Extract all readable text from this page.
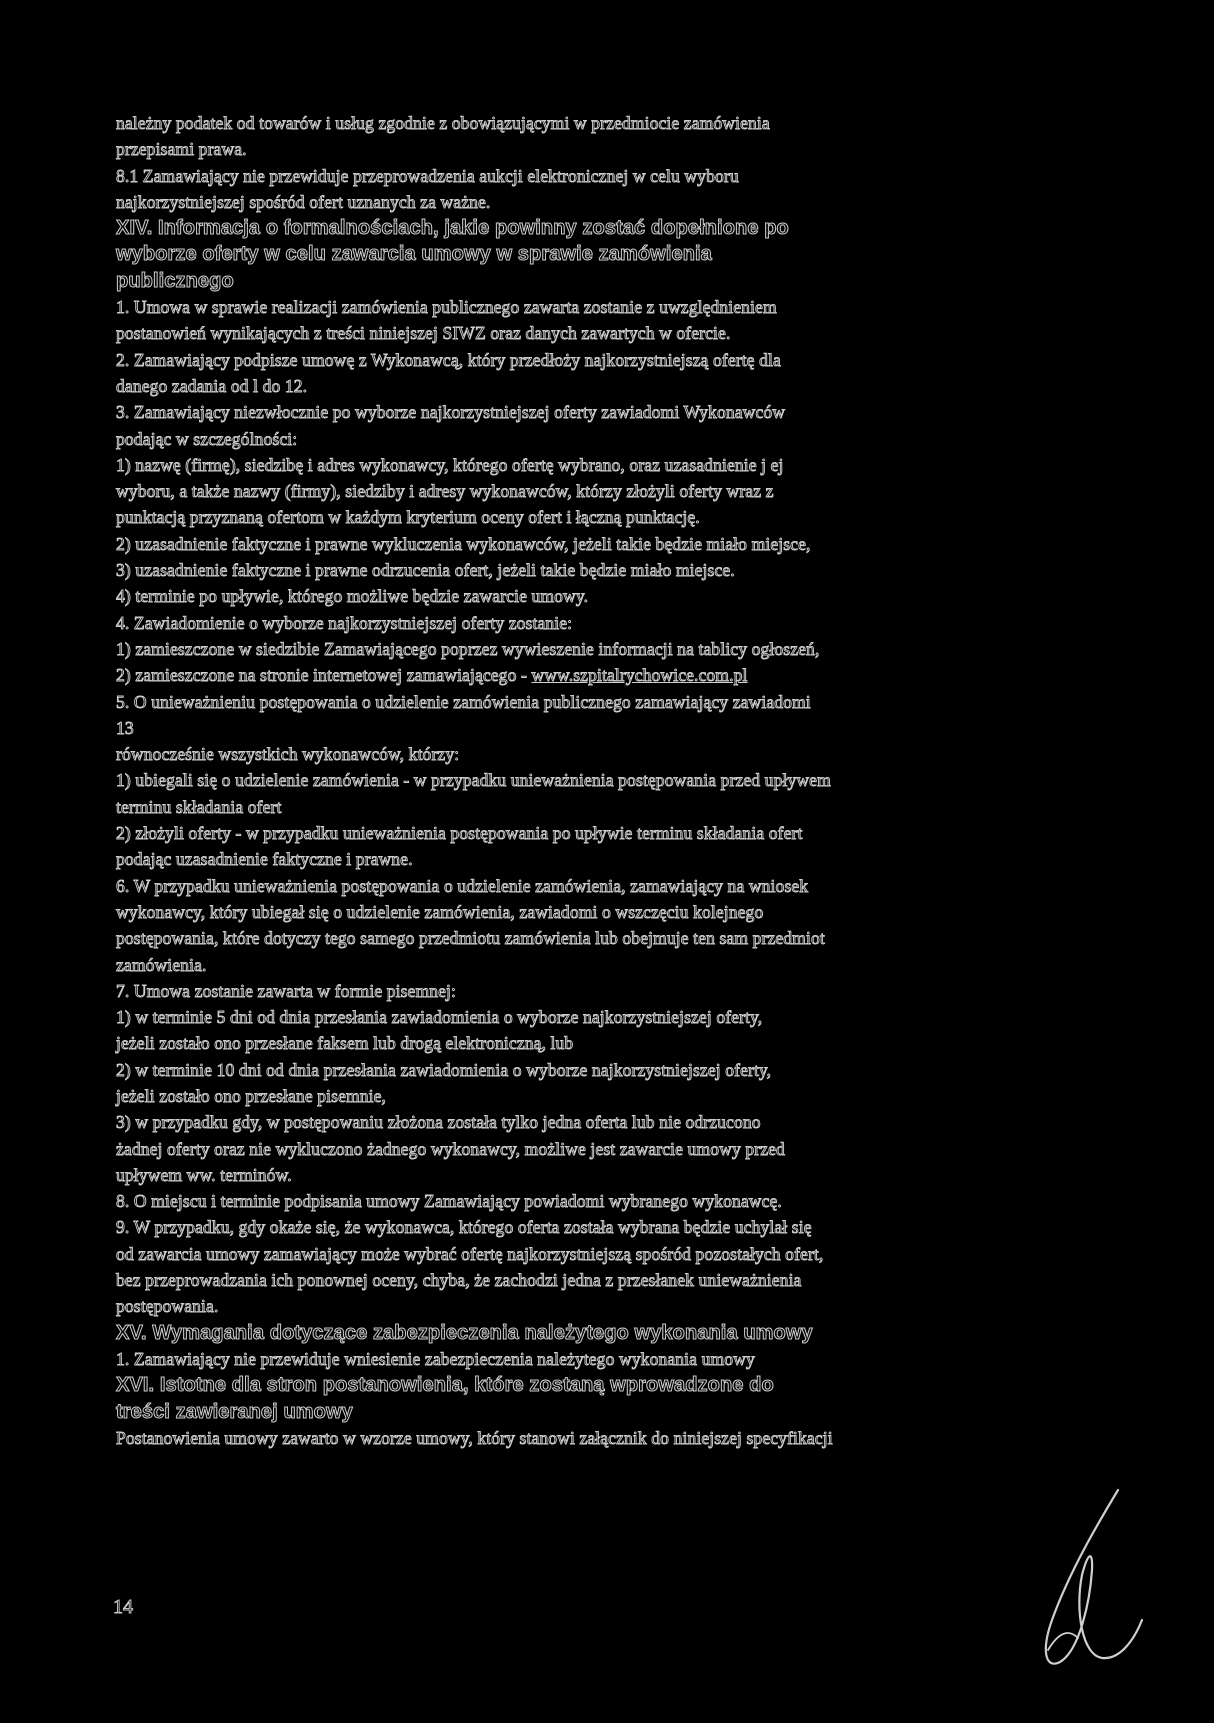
należny podatek od towarów i usług zgodnie z obowiązującymi w przedmiocie zamówienia

przepisami prawa.

8.1 Zamawiający nie przewiduje przeprowadzenia aukcji elektronicznej w celu wyboru

najkorzystniejszej spośród ofert uznanych za ważne.

XIV. Informacja o formalnościach, jakie powinny zostać dopełnione po
wyborze oferty w celu zawarcia umowy w sprawie zamówienia
publicznego

1. Umowa w sprawie realizacji zamówienia publicznego zawarta zostanie z uwzględnieniem

postanowień wynikających z treści niniejszej SIWZ oraz danych zawartych w ofercie.

2. Zamawiający podpisze umowę z Wykonawcą, który przedłoży najkorzystniejszą ofertę dla

danego zadania od l do 12.

3. Zamawiający niezwłocznie po wyborze najkorzystniejszej oferty zawiadomi Wykonawców

podając w szczególności:

1) nazwę (firmę), siedzibę i adres wykonawcy, którego ofertę wybrano, oraz uzasadnienie j ej

wyboru, a także nazwy (firmy), siedziby i adresy wykonawców, którzy złożyli oferty wraz z

punktacją przyznaną ofertom w każdym kryterium oceny ofert i łączną punktację.

2) uzasadnienie faktyczne i prawne wykluczenia wykonawców, jeżeli takie będzie miało miejsce,

3) uzasadnienie faktyczne i prawne odrzucenia ofert, jeżeli takie będzie miało miejsce.

4) terminie po upływie, którego możliwe będzie zawarcie umowy.

4. Zawiadomienie o wyborze najkorzystniejszej oferty zostanie:

1) zamieszczone w siedzibie Zamawiającego poprzez wywieszenie informacji na tablicy ogłoszeń,

2) zamieszczone na stronie internetowej zamawiającego - www.szpitalrychowice.com.pl

5. O unieważnieniu postępowania o udzielenie zamówienia publicznego zamawiający zawiadomi

13

równocześnie wszystkich wykonawców, którzy:

1) ubiegali się o udzielenie zamówienia - w przypadku unieważnienia postępowania przed upływem

terminu składania ofert

2) złożyli oferty - w przypadku unieważnienia postępowania po upływie terminu składania ofert

podając uzasadnienie faktyczne i prawne.

6. W przypadku unieważnienia postępowania o udzielenie zamówienia, zamawiający na wniosek

wykonawcy, który ubiegał się o udzielenie zamówienia, zawiadomi o wszczęciu kolejnego

postępowania, które dotyczy tego samego przedmiotu zamówienia lub obejmuje ten sam przedmiot

zamówienia.

7. Umowa zostanie zawarta w formie pisemnej:

1) w terminie 5 dni od dnia przesłania zawiadomienia o wyborze najkorzystniejszej oferty,

jeżeli zostało ono przesłane faksem lub drogą elektroniczną, lub

2) w terminie 10 dni od dnia przesłania zawiadomienia o wyborze najkorzystniejszej oferty,

jeżeli zostało ono przesłane pisemnie,

3) w przypadku gdy, w postępowaniu złożona została tylko jedna oferta lub nie odrzucono

żadnej oferty oraz nie wykluczono żadnego wykonawcy, możliwe jest zawarcie umowy przed

upływem ww. terminów.

8. O miejscu i terminie podpisania umowy Zamawiający powiadomi wybranego wykonawcę.

9. W przypadku, gdy okaże się, że wykonawca, którego oferta została wybrana będzie uchylał się

od zawarcia umowy zamawiający może wybrać ofertę najkorzystniejszą spośród pozostałych ofert,

bez przeprowadzania ich ponownej oceny, chyba, że zachodzi jedna z przesłanek unieważnienia

postępowania.

XV. Wymagania dotyczące zabezpieczenia należytego wykonania umowy

1. Zamawiający nie przewiduje wniesienie zabezpieczenia należytego wykonania umowy

XVI. Istotne dla stron postanowienia, które zostaną wprowadzone do
treści zawieranej umowy

Postanowienia umowy zawarto w wzorze umowy, który stanowi załącznik do niniejszej specyfikacji

14
